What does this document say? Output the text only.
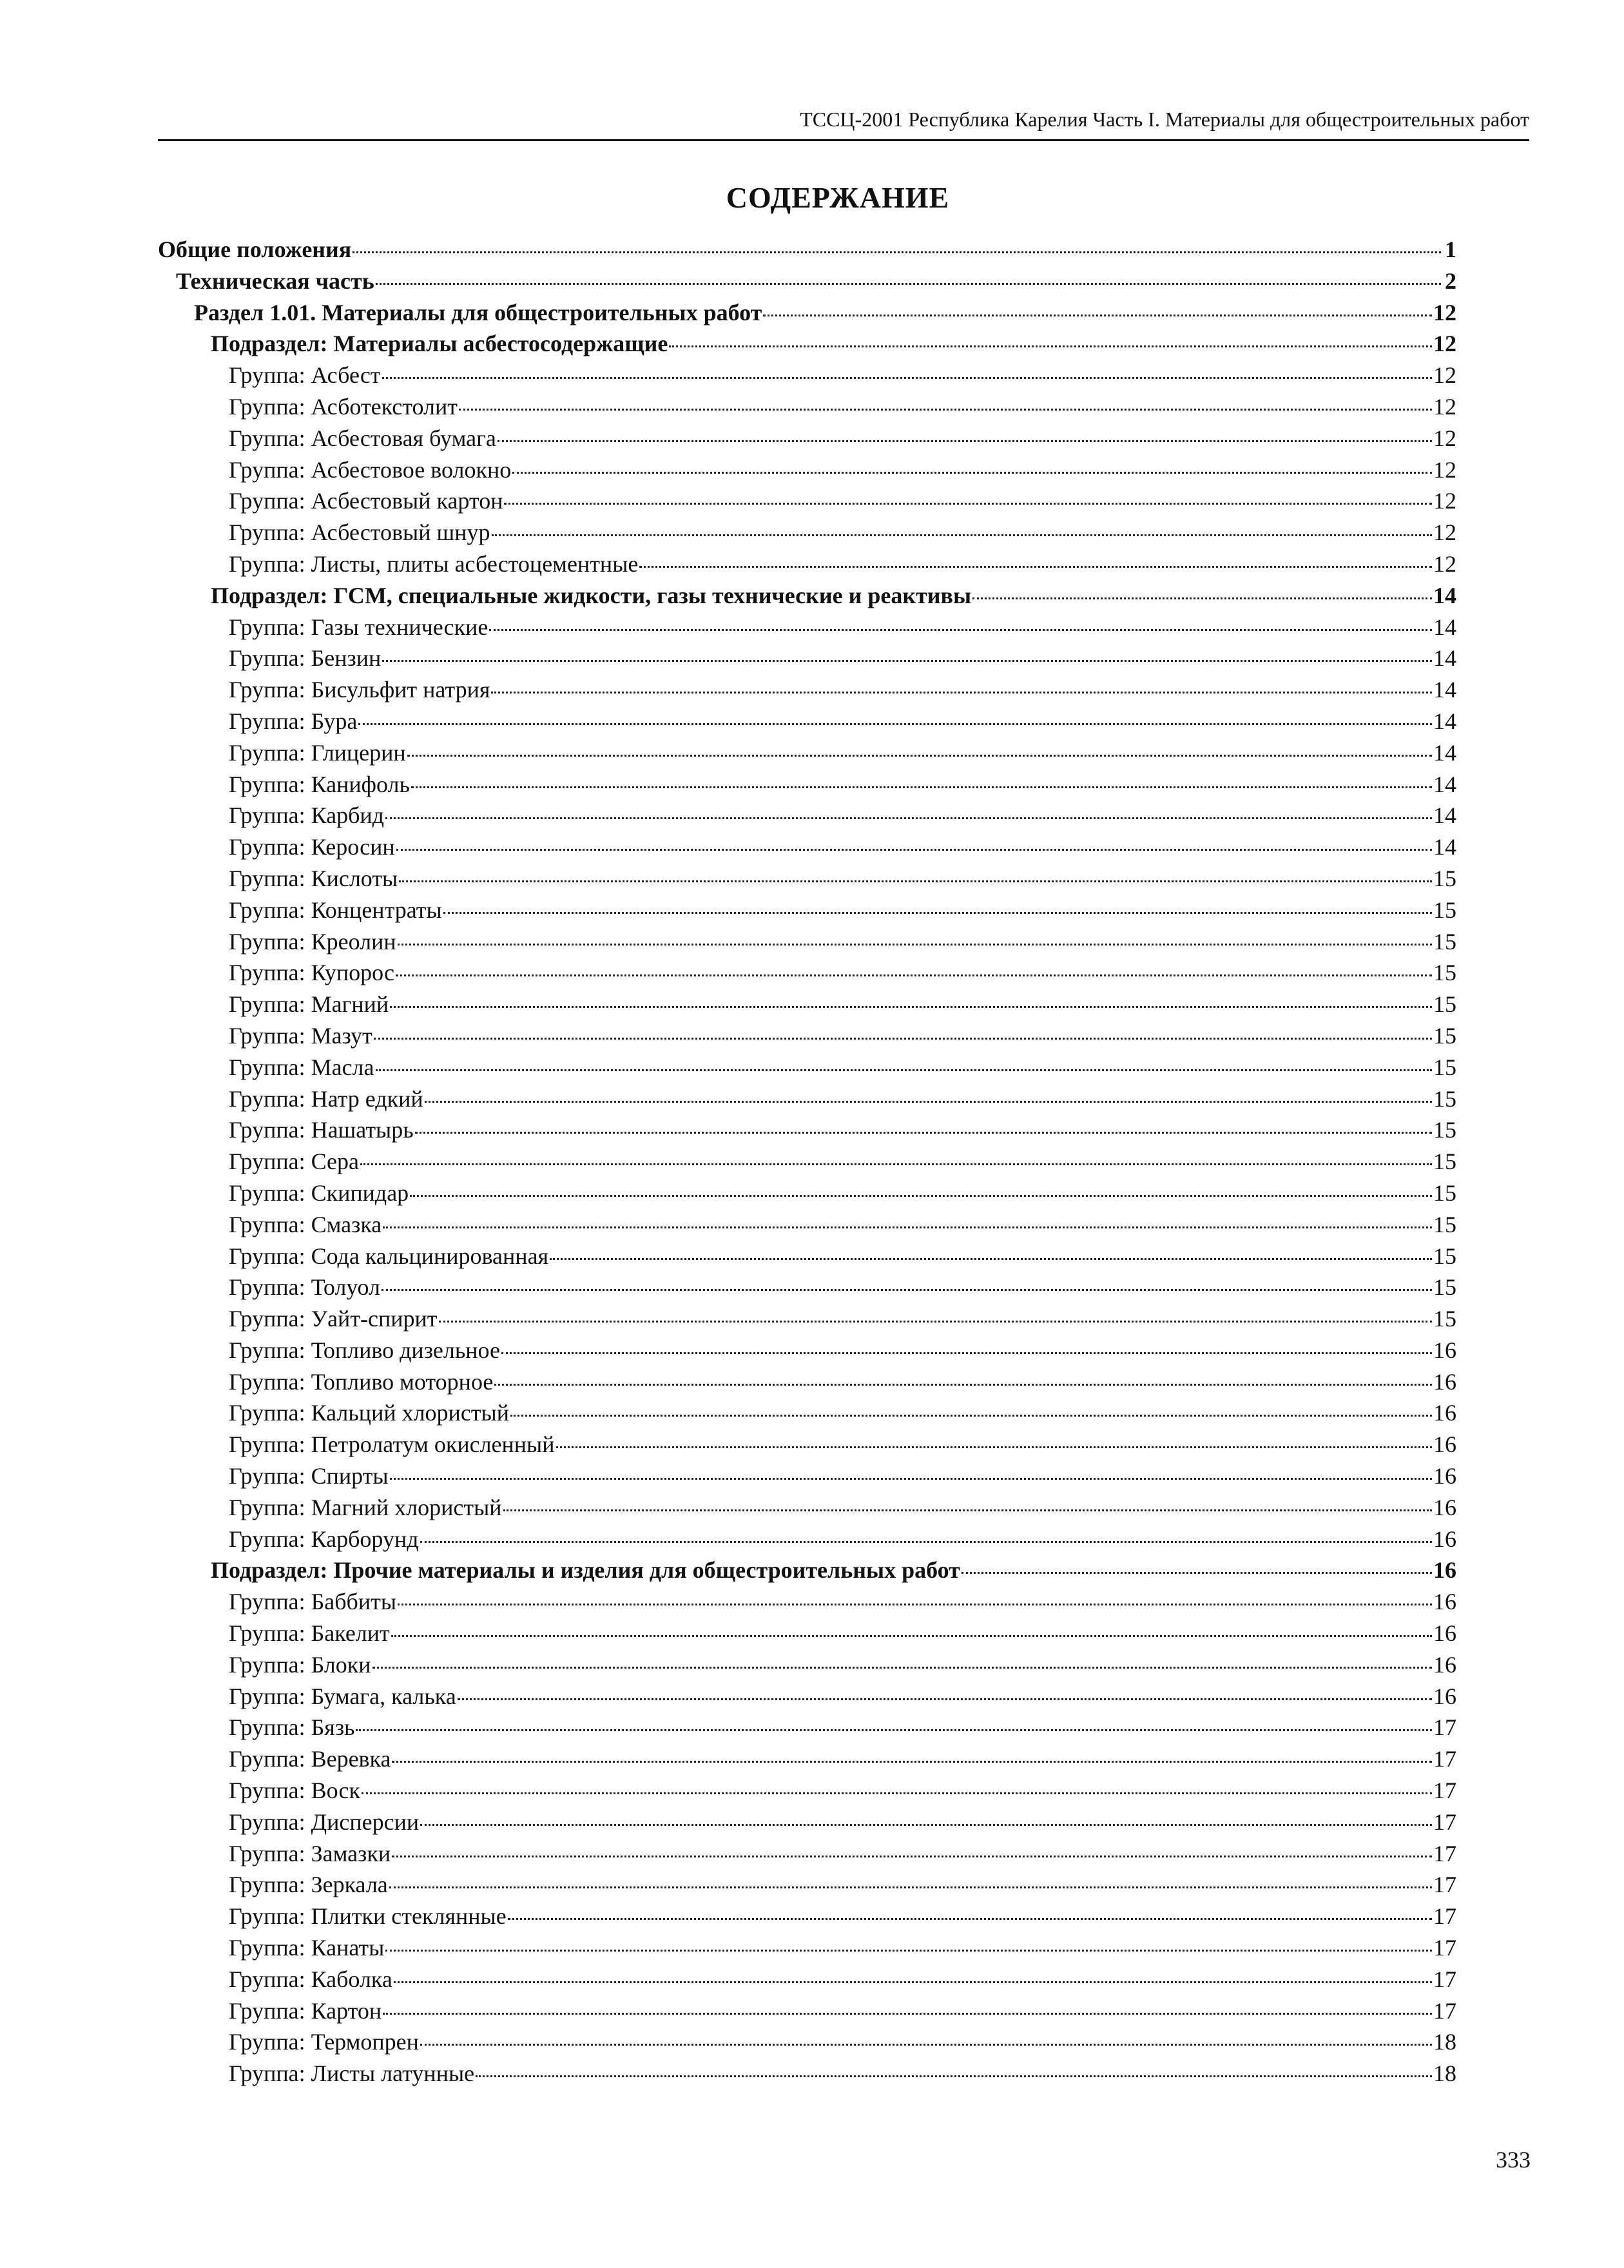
ТССЦ-2001 Республика Карелия Часть I. Материалы для общестроительных работ
СОДЕРЖАНИЕ
Общие положения	1
Техническая часть	2
Раздел 1.01. Материалы для общестроительных работ	12
Подраздел: Материалы асбестосодержащие	12
Группа: Асбест	12
Группа: Асботекстолит	12
Группа: Асбестовая бумага	12
Группа: Асбестовое волокно	12
Группа: Асбестовый картон	12
Группа: Асбестовый шнур	12
Группа: Листы, плиты асбестоцементные	12
Подраздел: ГСМ, специальные жидкости, газы технические и реактивы	14
Группа: Газы технические	14
Группа: Бензин	14
Группа: Бисульфит натрия	14
Группа: Бура	14
Группа: Глицерин	14
Группа: Канифоль	14
Группа: Карбид	14
Группа: Керосин	14
Группа: Кислоты	15
Группа: Концентраты	15
Группа: Креолин	15
Группа: Купорос	15
Группа: Магний	15
Группа: Мазут	15
Группа: Масла	15
Группа: Натр едкий	15
Группа: Нашатырь	15
Группа: Сера	15
Группа: Скипидар	15
Группа: Смазка	15
Группа: Сода кальцинированная	15
Группа: Толуол	15
Группа: Уайт-спирит	15
Группа: Топливо дизельное	16
Группа: Топливо моторное	16
Группа: Кальций хлористый	16
Группа: Петролатум окисленный	16
Группа: Спирты	16
Группа: Магний хлористый	16
Группа: Карборунд	16
Подраздел: Прочие материалы и изделия для общестроительных работ	16
Группа: Баббиты	16
Группа: Бакелит	16
Группа: Блоки	16
Группа: Бумага, калька	16
Группа: Бязь	17
Группа: Веревка	17
Группа: Воск	17
Группа: Дисперсии	17
Группа: Замазки	17
Группа: Зеркала	17
Группа: Плитки стеклянные	17
Группа: Канаты	17
Группа: Каболка	17
Группа: Картон	17
Группа: Термопрен	18
Группа: Листы латунные	18
333
